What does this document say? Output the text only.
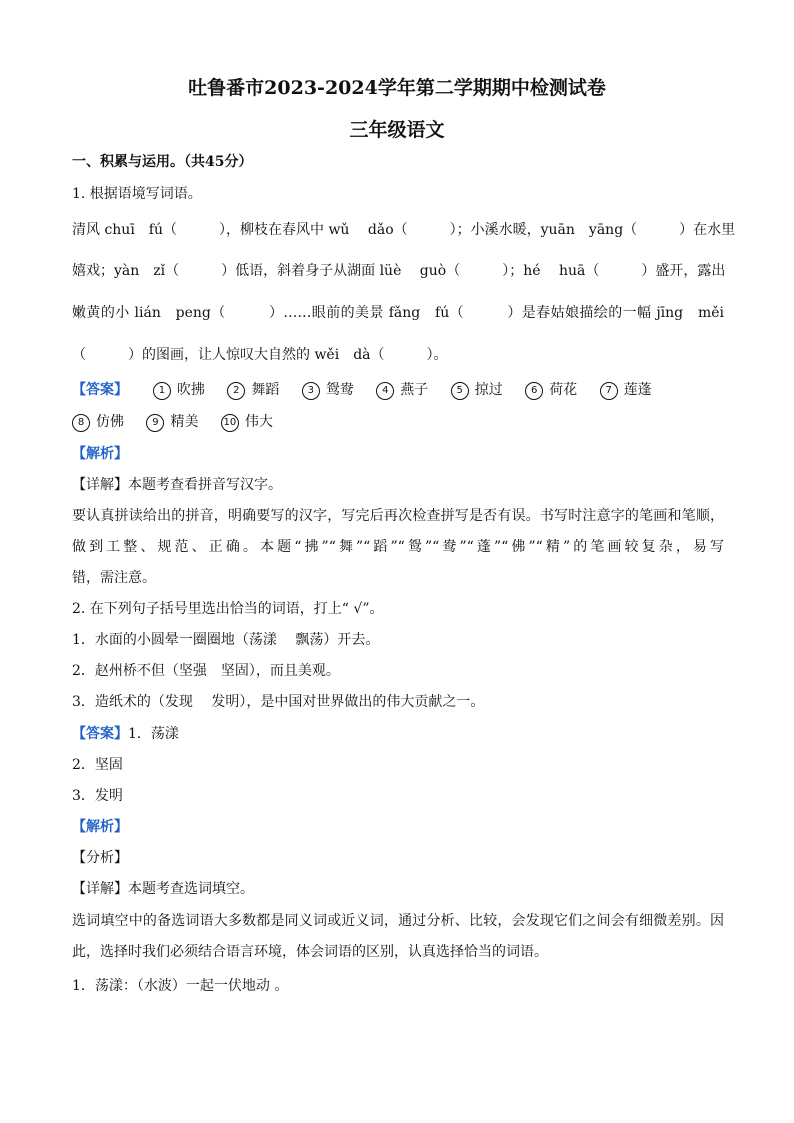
吐鲁番市2023-2024学年第二学期期中检测试卷
三年级语文
一、积累与运用。（共45分）
1. 根据语境写词语。
清风 chuī　fú（　　　），柳枝在春风中 wǔ　 dǎo（　　　）；小溪水暖，yuān　yāng（　　　）在水里
嬉戏；yàn　zǐ（　　　）低语，斜着身子从湖面 lüè　 guò（　　　）；hé　 huā（　　　）盛开，露出
嫩黄的小 lián　peng（　　　）……眼前的美景 fǎng　fú（　　　）是春姑娘描绘的一幅 jīng　měi
（　　　）的图画，让人惊叹大自然的 wěi　dà（　　　）。
【答案】	1 吹拂	2 舞蹈	3 鸳鸯	4 燕子	5 掠过	6 荷花	7 莲蓬
8 仿佛	9 精美	10 伟大
【解析】
【详解】本题考查看拼音写汉字。
要认真拼读给出的拼音，明确要写的汉字，写完后再次检查拼写是否有误。书写时注意字的笔画和笔顺，
做到工整、规范、正确。本题“拂”“舞”“蹈”“鸳”“鸯”“蓬”“佛”“精”的笔画较复杂，易写
错，需注意。
2. 在下列句子括号里选出恰当的词语，打上“ √”。
1．水面的小圆晕一圈圈地（荡漾　 飘荡）开去。
2．赵州桥不但（坚强　坚固），而且美观。
3．造纸术的（发现　 发明），是中国对世界做出的伟大贡献之一。
【答案】1．荡漾
2．坚固
3．发明
【解析】
【分析】
【详解】本题考查选词填空。
选词填空中的备选词语大多数都是同义词或近义词，通过分析、比较，会发现它们之间会有细微差别。因
此，选择时我们必须结合语言环境，体会词语的区别，认真选择恰当的词语。
1．荡漾：（水波）一起一伏地动 。
